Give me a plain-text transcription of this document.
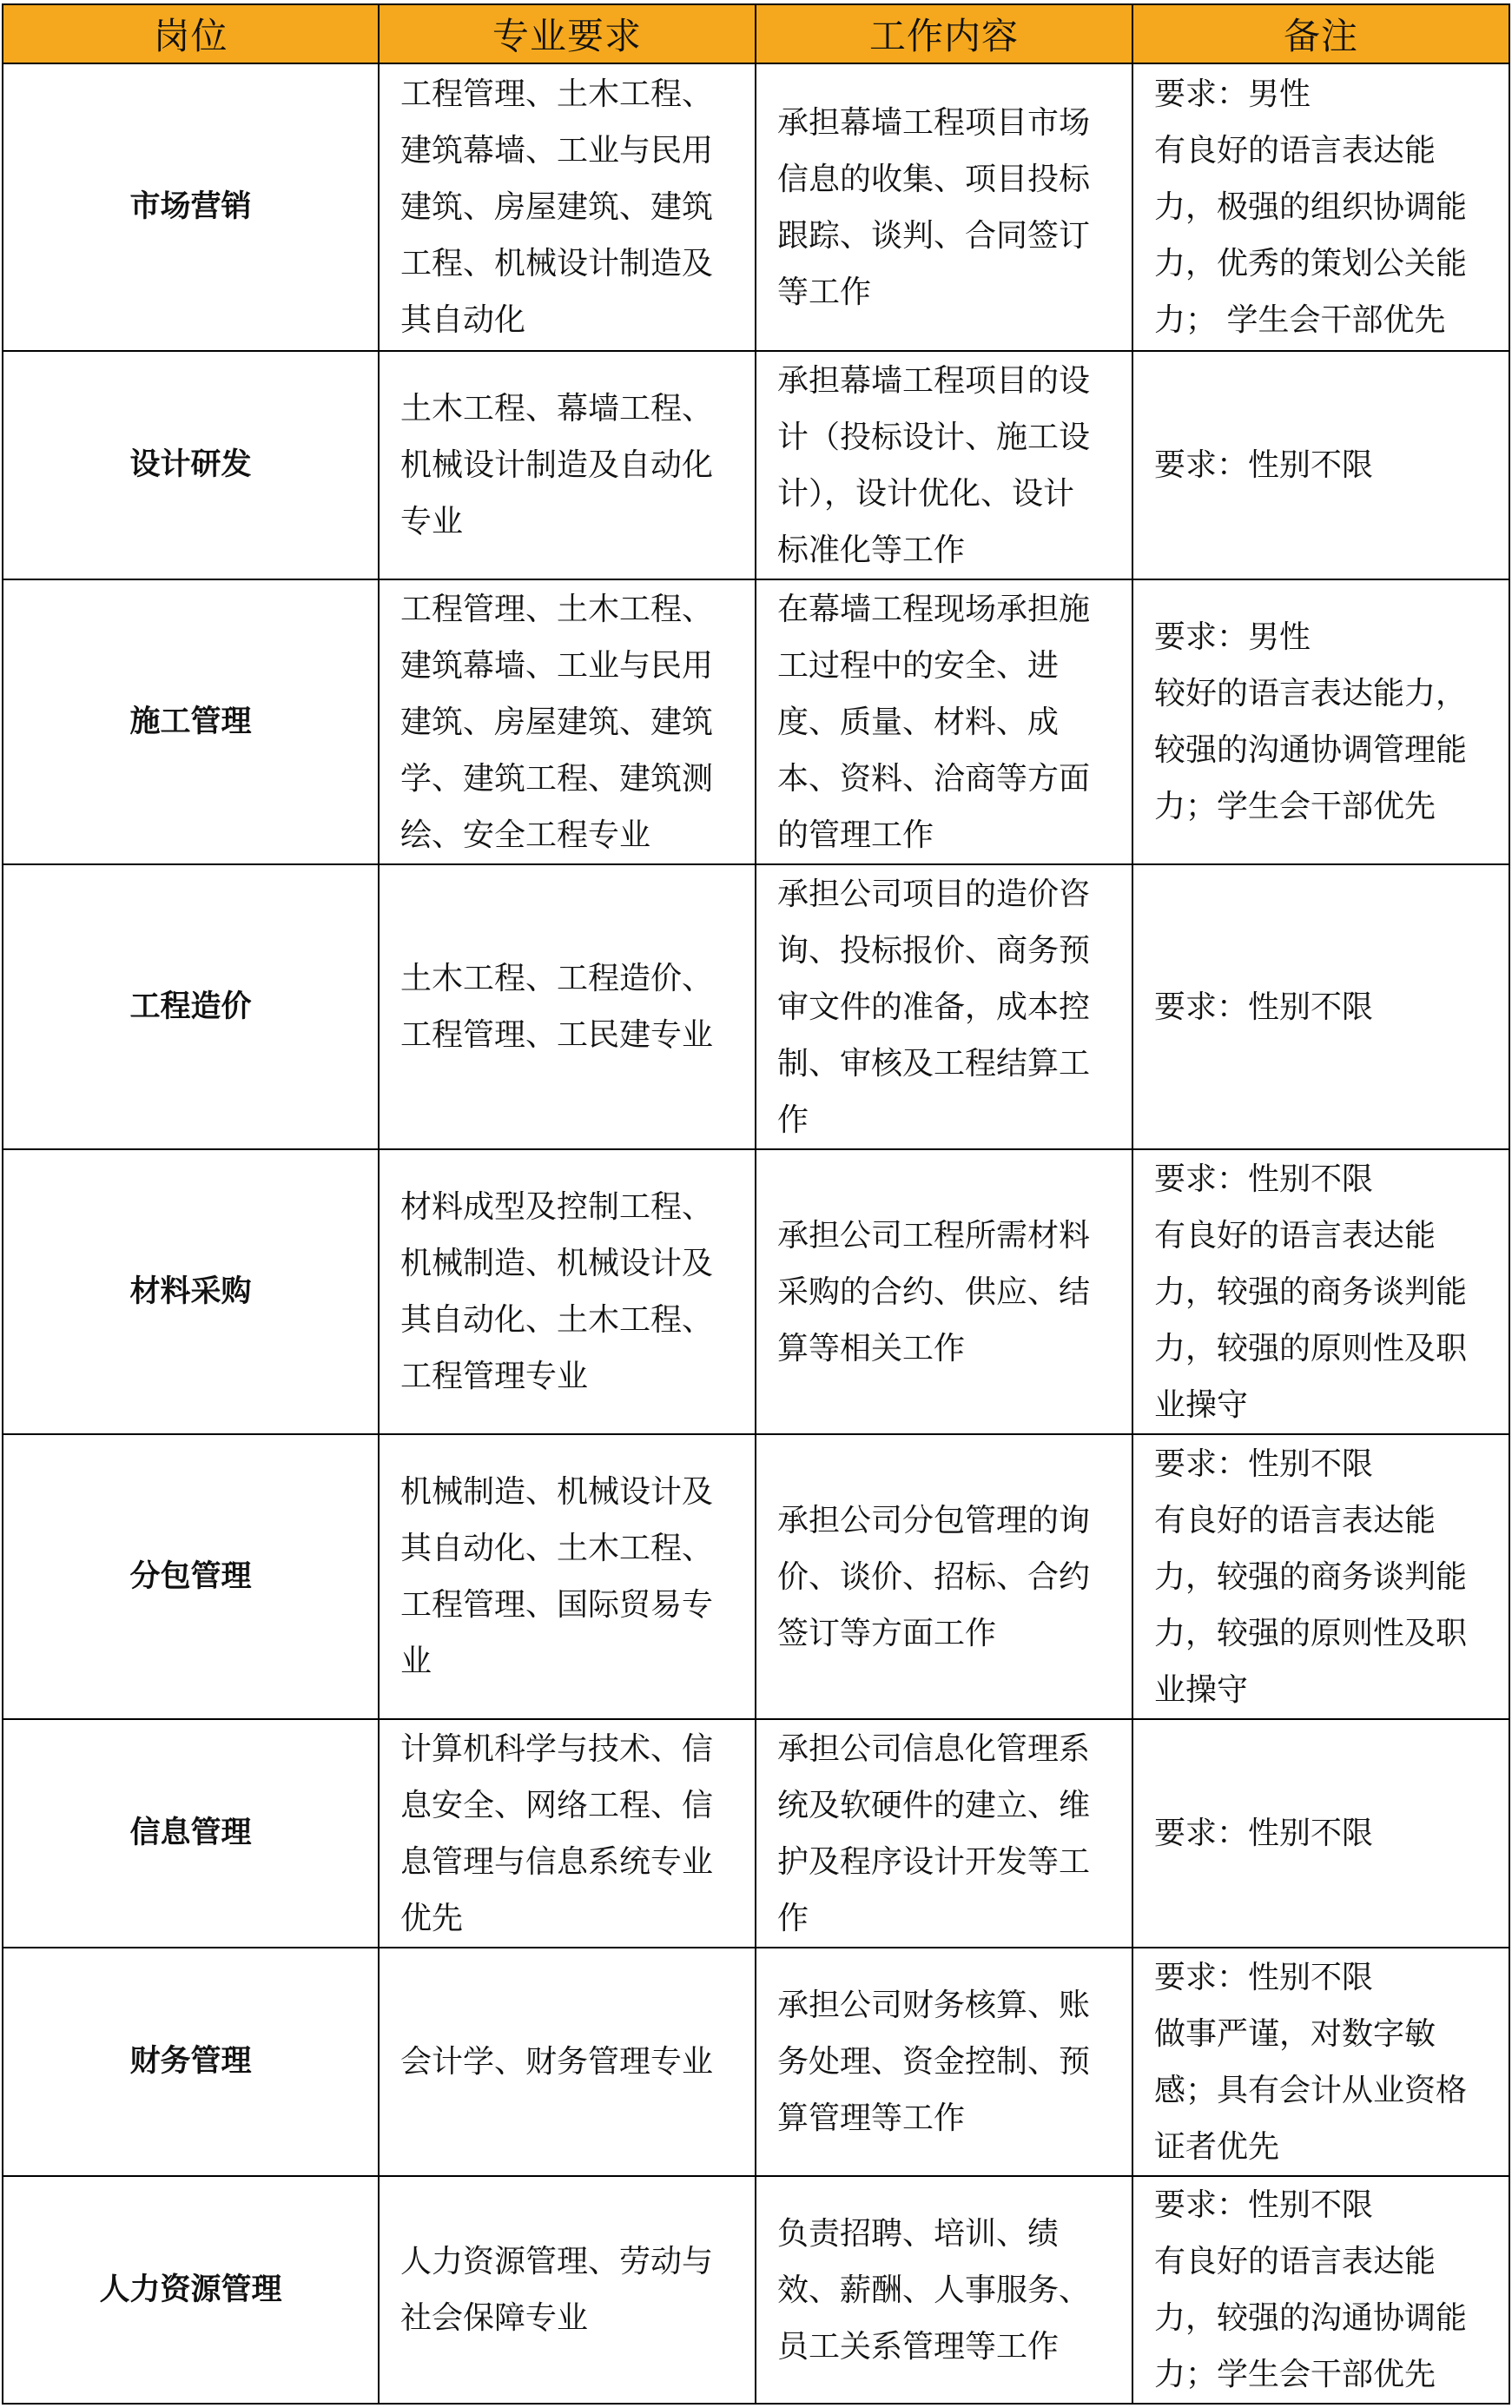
岗位	专业要求	工作内容	备注
市场营销	工程管理、土木工程、
建筑幕墙、工业与民用
建筑、房屋建筑、建筑
工程、机械设计制造及
其自动化	承担幕墙工程项目市场
信息的收集、项目投标
跟踪、谈判、合同签订
等工作	要求：男性
有良好的语言表达能
力，极强的组织协调能
力，优秀的策划公关能
力； 学生会干部优先

设计研发	土木工程、幕墙工程、
机械设计制造及自动化
专业	承担幕墙工程项目的设
计（投标设计、施工设
计），设计优化、设计
标准化等工作	要求：性别不限

施工管理	工程管理、土木工程、
建筑幕墙、工业与民用
建筑、房屋建筑、建筑
学、建筑工程、建筑测
绘、安全工程专业	在幕墙工程现场承担施
工过程中的安全、进
度、质量、材料、成
本、资料、洽商等方面
的管理工作	要求：男性
较好的语言表达能力，
较强的沟通协调管理能
力；学生会干部优先

工程造价	土木工程、工程造价、
工程管理、工民建专业	承担公司项目的造价咨
询、投标报价、商务预
审文件的准备，成本控
制、审核及工程结算工
作	要求：性别不限

材料采购	材料成型及控制工程、
机械制造、机械设计及
其自动化、土木工程、
工程管理专业	承担公司工程所需材料
采购的合约、供应、结
算等相关工作	要求：性别不限
有良好的语言表达能
力，较强的商务谈判能
力，较强的原则性及职
业操守

分包管理	机械制造、机械设计及
其自动化、土木工程、
工程管理、国际贸易专
业	承担公司分包管理的询
价、谈价、招标、合约
签订等方面工作	要求：性别不限
有良好的语言表达能
力，较强的商务谈判能
力，较强的原则性及职
业操守

信息管理	计算机科学与技术、信
息安全、网络工程、信
息管理与信息系统专业
优先	承担公司信息化管理系
统及软硬件的建立、维
护及程序设计开发等工
作	要求：性别不限

财务管理	会计学、财务管理专业	承担公司财务核算、账
务处理、资金控制、预
算管理等工作	要求：性别不限
做事严谨，对数字敏
感；具有会计从业资格
证者优先

人力资源管理	人力资源管理、劳动与
社会保障专业	负责招聘、培训、绩
效、薪酬、人事服务、
员工关系管理等工作	要求：性别不限
有良好的语言表达能
力，较强的沟通协调能
力；学生会干部优先
